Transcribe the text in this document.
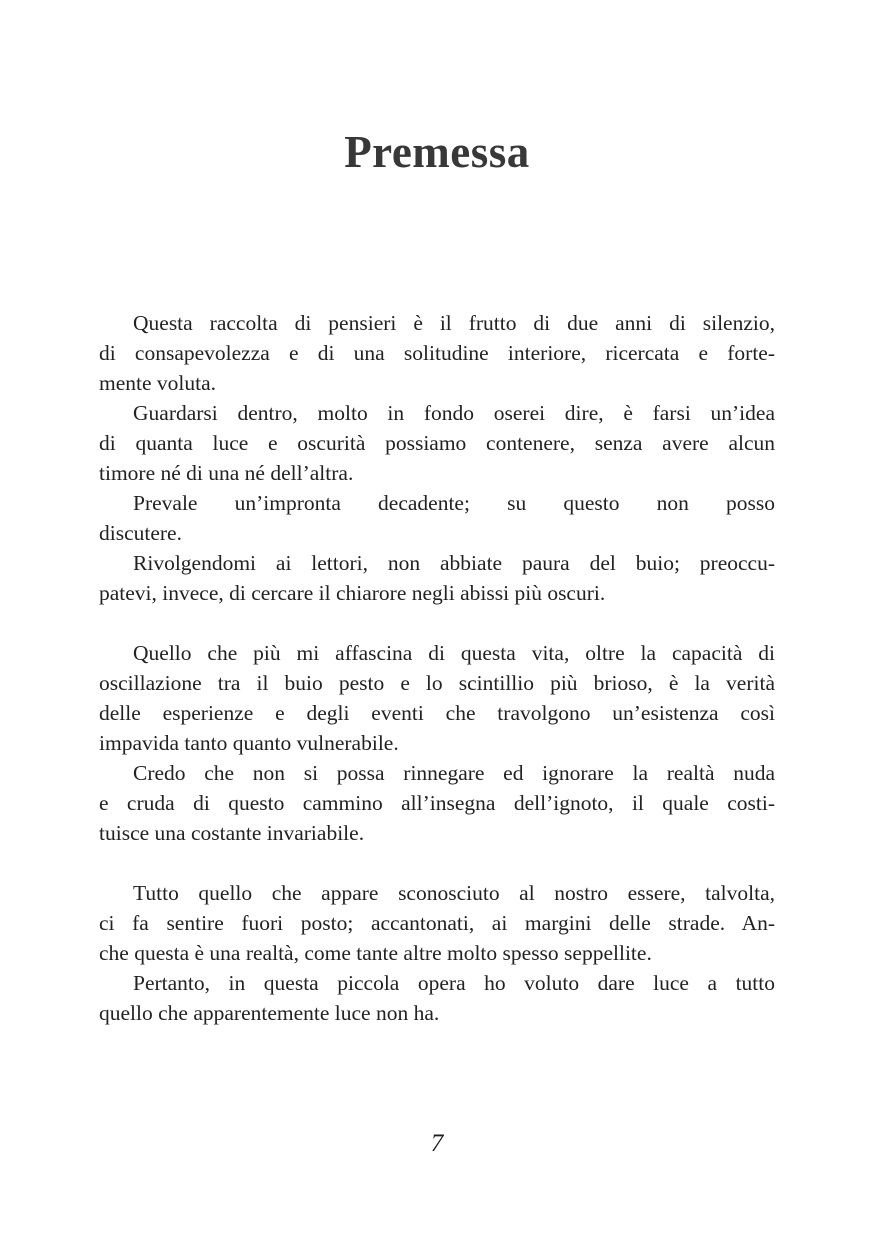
Premessa
Questa raccolta di pensieri è il frutto di due anni di silenzio,
di consapevolezza e di una solitudine interiore, ricercata e forte-
mente voluta.
Guardarsi dentro, molto in fondo oserei dire, è farsi un’idea
di quanta luce e oscurità possiamo contenere, senza avere alcun
timore né di una né dell’altra.
Prevale un’impronta decadente; su questo non posso
discutere.
Rivolgendomi ai lettori, non abbiate paura del buio; preoccu-
patevi, invece, di cercare il chiarore negli abissi più oscuri.
Quello che più mi affascina di questa vita, oltre la capacità di
oscillazione tra il buio pesto e lo scintillio più brioso, è la verità
delle esperienze e degli eventi che travolgono un’esistenza così
impavida tanto quanto vulnerabile.
Credo che non si possa rinnegare ed ignorare la realtà nuda
e cruda di questo cammino all’insegna dell’ignoto, il quale costi-
tuisce una costante invariabile.
Tutto quello che appare sconosciuto al nostro essere, talvolta,
ci fa sentire fuori posto; accantonati, ai margini delle strade. An-
che questa è una realtà, come tante altre molto spesso seppellite.
Pertanto, in questa piccola opera ho voluto dare luce a tutto
quello che apparentemente luce non ha.
7
